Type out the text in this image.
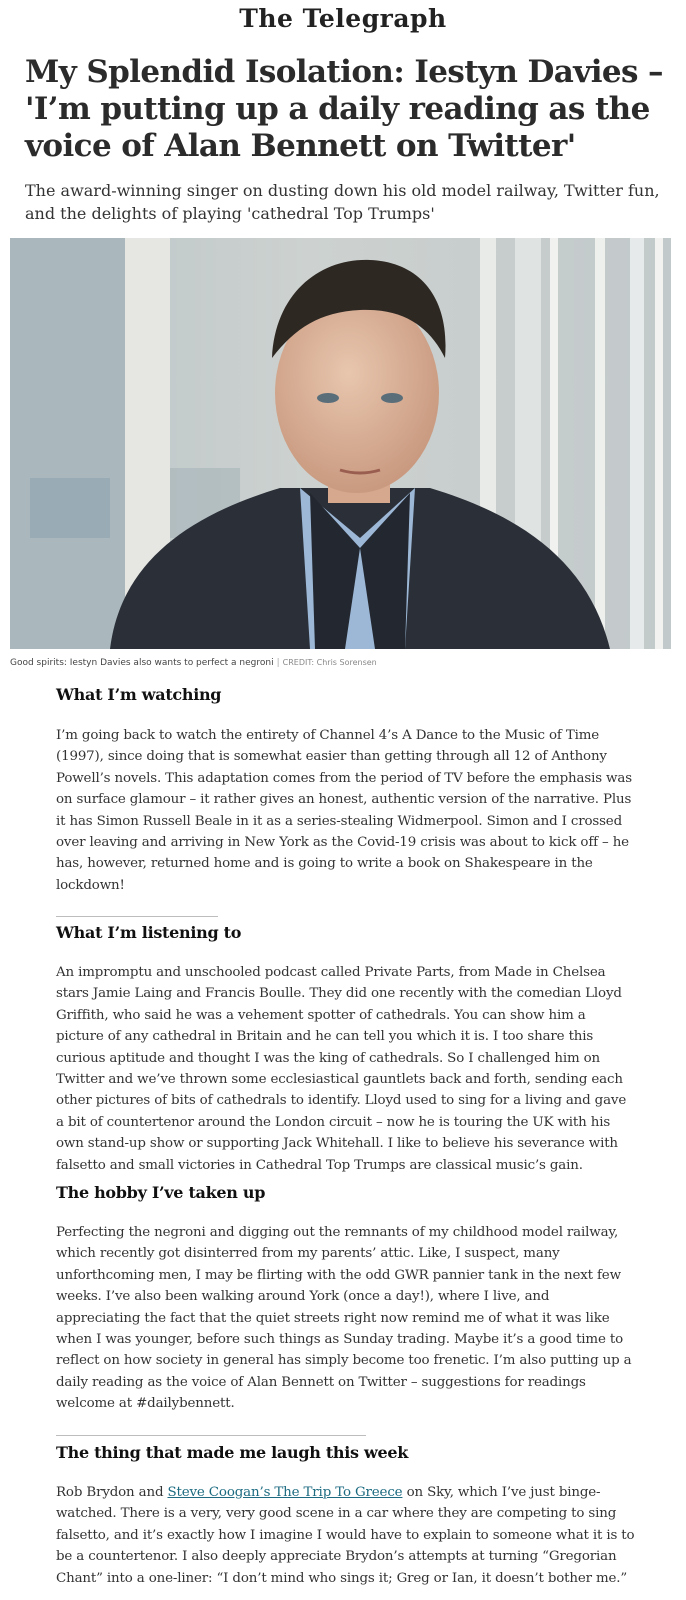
The Telegraph
My Splendid Isolation: Iestyn Davies – 'I’m putting up a daily reading as the voice of Alan Bennett on Twitter'
The award-winning singer on dusting down his old model railway, Twitter fun, and the delights of playing 'cathedral Top Trumps'
Good spirits: Iestyn Davies also wants to perfect a negroni | CREDIT: Chris Sorensen
What I’m watching

I’m going back to watch the entirety of Channel 4’s A Dance to the Music of Time (1997), since doing that is somewhat easier than getting through all 12 of Anthony Powell’s novels. This adaptation comes from the period of TV before the emphasis was on surface glamour – it rather gives an honest, authentic version of the narrative. Plus it has Simon Russell Beale in it as a series-stealing Widmerpool. Simon and I crossed over leaving and arriving in New York as the Covid-19 crisis was about to kick off – he has, however, returned home and is going to write a book on Shakespeare in the lockdown!

What I’m listening to

An impromptu and unschooled podcast called Private Parts, from Made in Chelsea stars Jamie Laing and Francis Boulle. They did one recently with the comedian Lloyd Griffith, who said he was a vehement spotter of cathedrals. You can show him a picture of any cathedral in Britain and he can tell you which it is. I too share this curious aptitude and thought I was the king of cathedrals. So I challenged him on Twitter and we’ve thrown some ecclesiastical gauntlets back and forth, sending each other pictures of bits of cathedrals to identify. Lloyd used to sing for a living and gave a bit of countertenor around the London circuit – now he is touring the UK with his own stand-up show or supporting Jack Whitehall. I like to believe his severance with falsetto and small victories in Cathedral Top Trumps are classical music’s gain.

The hobby I’ve taken up

Perfecting the negroni and digging out the remnants of my childhood model railway, which recently got disinterred from my parents’ attic. Like, I suspect, many unforthcoming men, I may be flirting with the odd GWR pannier tank in the next few weeks. I’ve also been walking around York (once a day!), where I live, and appreciating the fact that the quiet streets right now remind me of what it was like when I was younger, before such things as Sunday trading. Maybe it’s a good time to reflect on how society in general has simply become too frenetic. I’m also putting up a daily reading as the voice of Alan Bennett on Twitter – suggestions for readings welcome at #dailybennett.

The thing that made me laugh this week

Rob Brydon and Steve Coogan’s The Trip To Greece on Sky, which I’ve just binge-watched. There is a very, very good scene in a car where they are competing to sing falsetto, and it’s exactly how I imagine I would have to explain to someone what it is to be a countertenor. I also deeply appreciate Brydon’s attempts at turning “Gregorian Chant” into a one-liner: “I don’t mind who sings it; Greg or Ian, it doesn’t bother me.”
